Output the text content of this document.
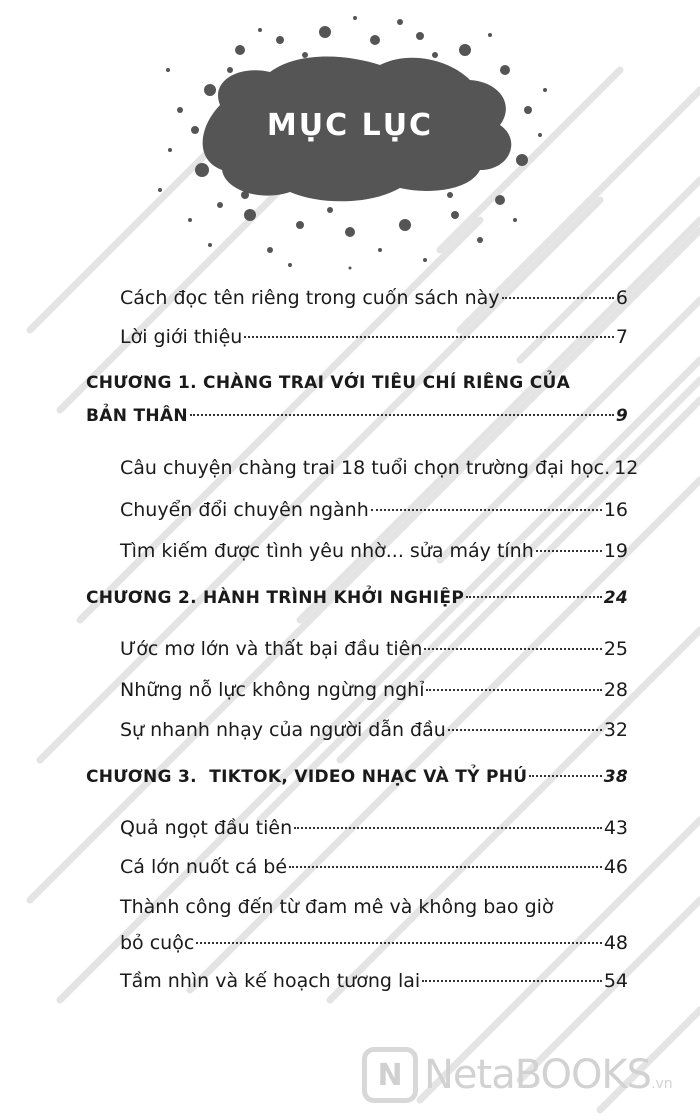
MỤC LỤC
Cách đọc tên riêng trong cuốn sách này	6
Lời giới thiệu	7
CHƯƠNG 1. CHÀNG TRAI VỚI TIÊU CHÍ RIÊNG CỦA
BẢN THÂN	9
Câu chuyện chàng trai 18 tuổi chọn trường đại học. 12
Chuyển đổi chuyên ngành	16
Tìm kiếm được tình yêu nhờ... sửa máy tính	19
CHƯƠNG 2. HÀNH TRÌNH KHỞI NGHIỆP	24
Ước mơ lớn và thất bại đầu tiên	25
Những nỗ lực không ngừng nghỉ	28
Sự nhanh nhạy của người dẫn đầu	32
CHƯƠNG 3.  TIKTOK, VIDEO NHẠC VÀ TỶ PHÚ	38
Quả ngọt đầu tiên	43
Cá lớn nuốt cá bé	46
Thành công đến từ đam mê và không bao giờ
bỏ cuộc	48
Tầm nhìn và kế hoạch tương lai	54
N NetaBOOKS .vn
